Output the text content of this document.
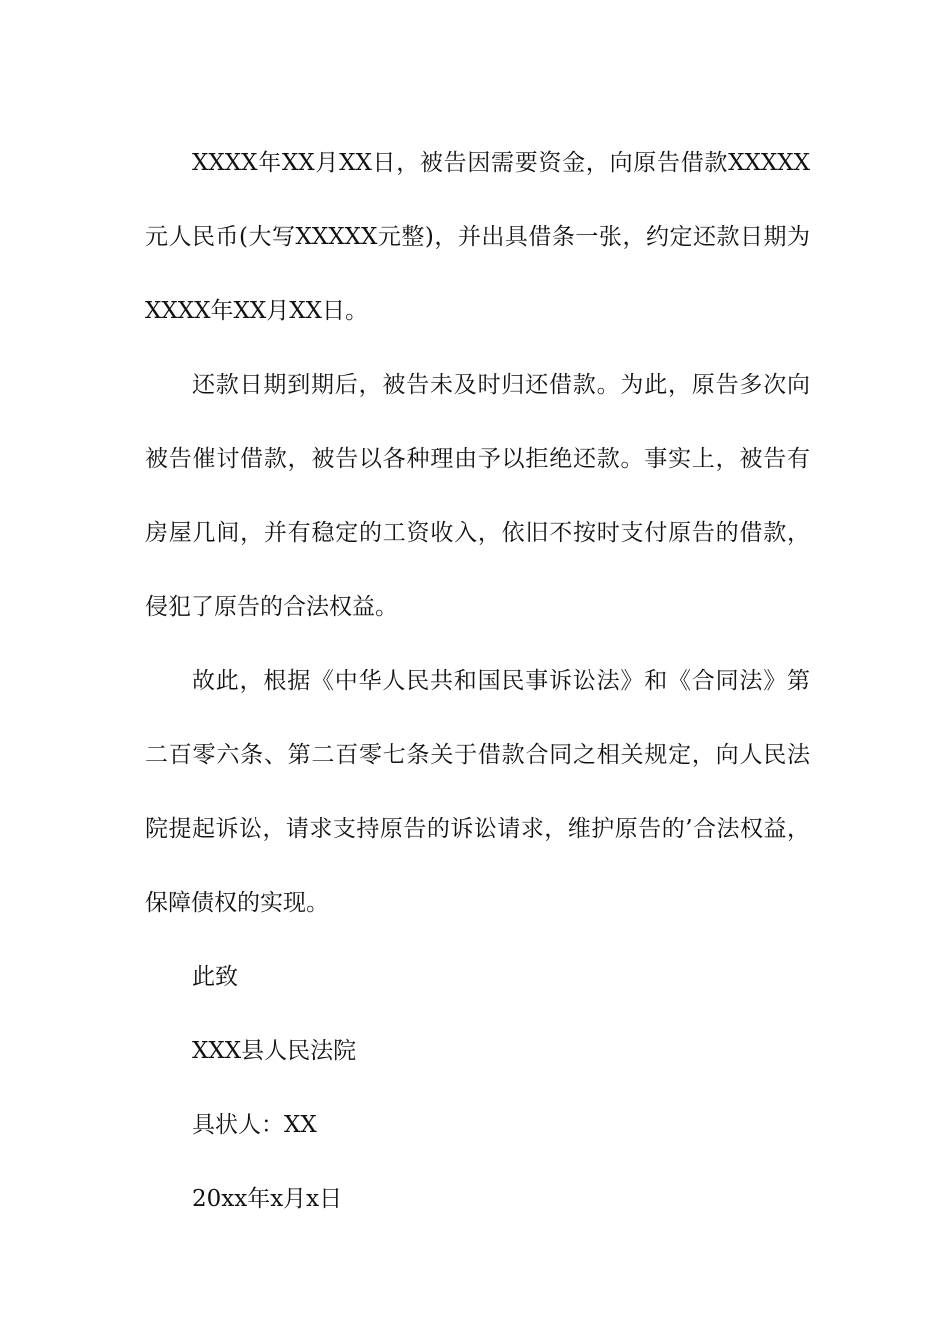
XXXX年XX月XX日，被告因需要资金，向原告借款XXXXX元人民币(大写XXXXX元整)，并出具借条一张，约定还款日期为XXXX年XX月XX日。

还款日期到期后，被告未及时归还借款。为此，原告多次向被告催讨借款，被告以各种理由予以拒绝还款。事实上，被告有房屋几间，并有稳定的工资收入，依旧不按时支付原告的借款，侵犯了原告的合法权益。

故此，根据《中华人民共和国民事诉讼法》和《合同法》第二百零六条、第二百零七条关于借款合同之相关规定，向人民法院提起诉讼，请求支持原告的诉讼请求，维护原告的’合法权益，保障债权的实现。

此致

XXX县人民法院

具状人：XX

20xx年x月x日
